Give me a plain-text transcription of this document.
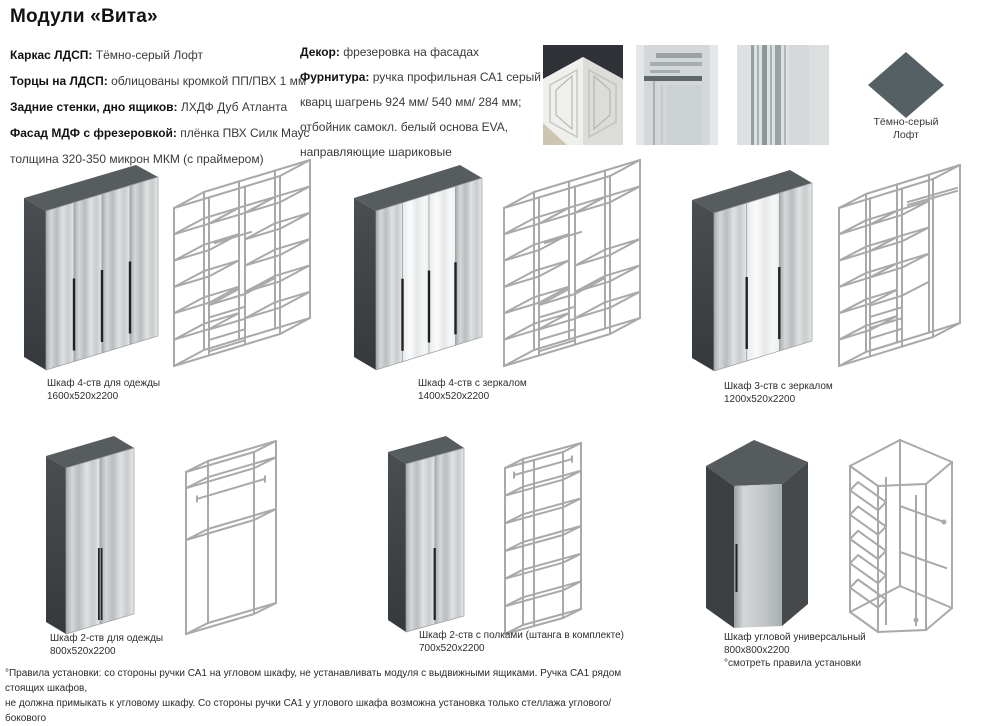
Модули «Вита»
Каркас ЛДСП: Тёмно-серый Лофт
Торцы на ЛДСП: облицованы кромкой ПП/ПВХ 1 мм
Задние стенки, дно ящиков: ЛХДФ Дуб Атланта
Фасад МДФ с фрезеровкой: плёнка ПВХ Силк Маус
толщина 320-350 микрон МКМ (с праймером)
Декор: фрезеровка на фасадах
Фурнитура: ручка профильная СА1 серый
кварц шагрень 924 мм/ 540 мм/ 284 мм;
отбойник самокл. белый основа EVA,
направляющие шариковые
Тёмно-серый
Лофт
Шкаф 4-ств для одежды
1600х520х2200
Шкаф 4-ств с зеркалом
1400х520х2200
Шкаф 3-ств с зеркалом
1200х520х2200
Шкаф 2-ств для одежды
800х520х2200
Шкаф 2-ств с полками (штанга в комплекте)
700х520х2200
Шкаф угловой универсальный
800х800х2200
°смотреть правила установки
°Правила установки: со стороны ручки СА1 на угловом шкафу, не устанавливать модуля с выдвижными ящиками. Ручка СА1 рядом стоящих шкафов,
не должна примыкать к угловому шкафу. Со стороны ручки СА1 у углового шкафа возможна установка только стеллажа углового/бокового
